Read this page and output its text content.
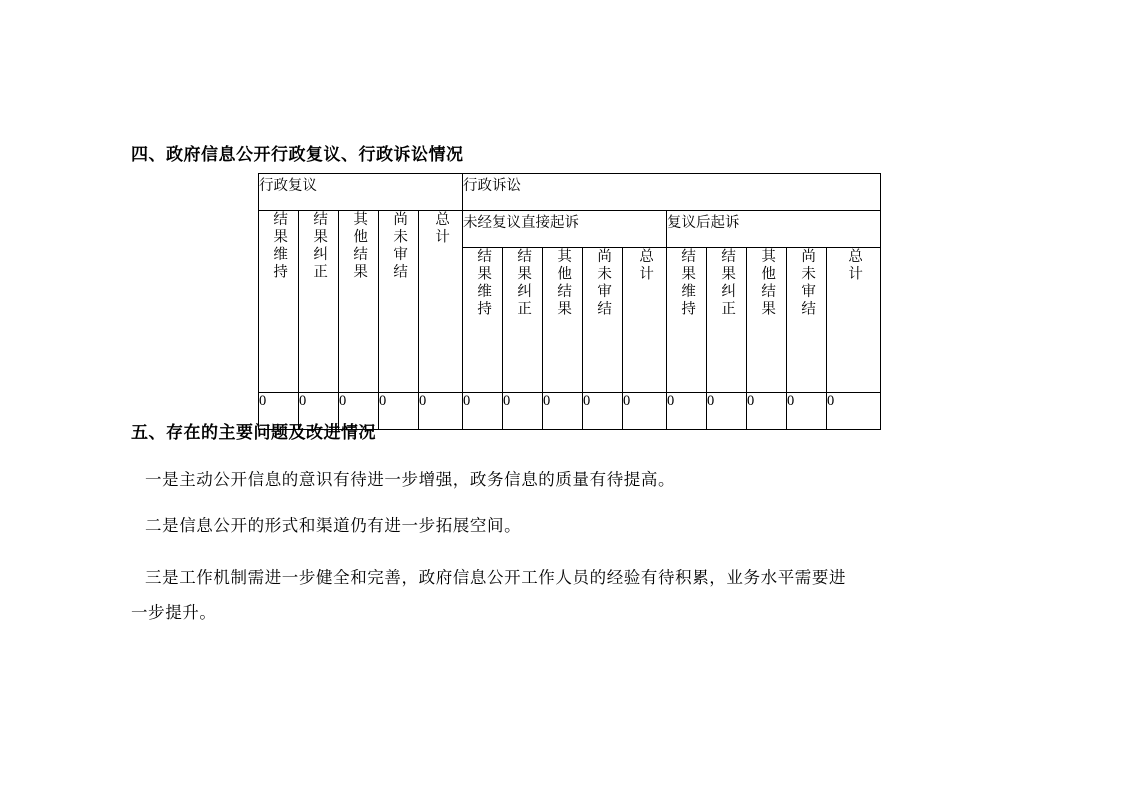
四、政府信息公开行政复议、行政诉讼情况
行政复议					行政诉讼									
结果维持	结果纠正	其他结果	尚未审结	总计	未经复议直接起诉					复议后起诉				
					结果维持	结果纠正	其他结果	尚未审结	总计	结果维持	结果纠正	其他结果	尚未审结	总计
0	0	0	0	0	0	0	0	0	0	0	0	0	0	0
五、存在的主要问题及改进情况
一是主动公开信息的意识有待进一步增强，政务信息的质量有待提高。
二是信息公开的形式和渠道仍有进一步拓展空间。
三是工作机制需进一步健全和完善，政府信息公开工作人员的经验有待积累，业务水平需要进
一步提升。
